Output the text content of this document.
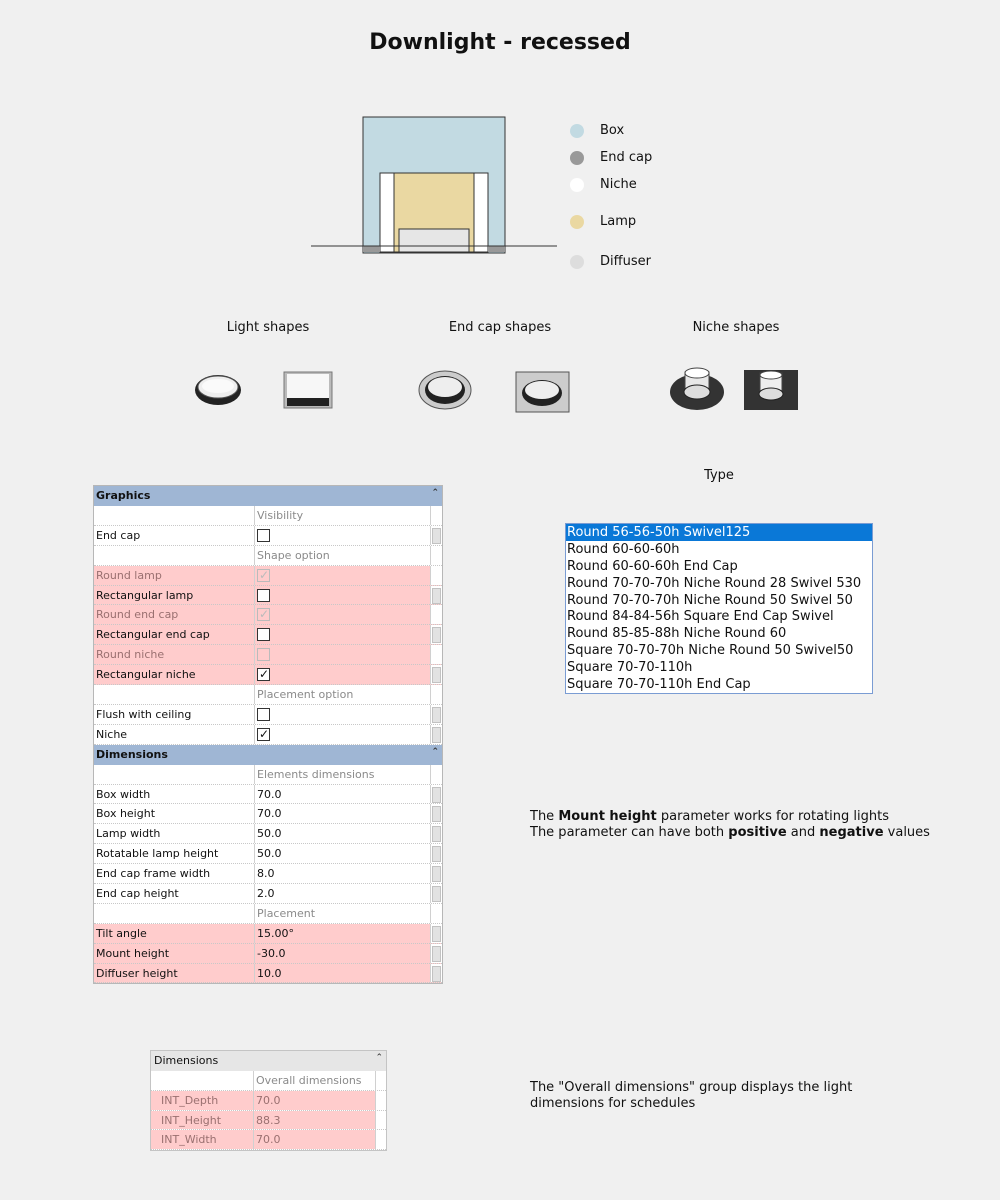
Downlight - recessed
Box
End cap
Niche
Lamp
Diffuser
Light shapes	End cap shapes	Niche shapes
Graphics	⌃
Visibility
End cap
Shape option
Round lamp	✓
Rectangular lamp
Round end cap	✓
Rectangular end cap
Round niche
Rectangular niche	✓
Placement option
Flush with ceiling
Niche	✓
Dimensions	⌃
Elements dimensions
Box width	70.0
Box height	70.0
Lamp width	50.0
Rotatable lamp height	50.0
End cap frame width	8.0
End cap height	2.0
Placement
Tilt angle	15.00°
Mount height	-30.0
Diffuser height	10.0
Type
Round 56-56-50h Swivel125
Round 60-60-60h
Round 60-60-60h End Cap
Round 70-70-70h Niche Round 28 Swivel 530
Round 70-70-70h Niche Round 50 Swivel 50
Round 84-84-56h Square End Cap Swivel
Round 85-85-88h Niche Round 60
Square 70-70-70h Niche Round 50 Swivel50
Square 70-70-110h
Square 70-70-110h End Cap
The Mount height parameter works for rotating lights
The parameter can have both positive and negative values
Dimensions	⌃
Overall dimensions
INT_Depth	70.0
INT_Height	88.3
INT_Width	70.0
The "Overall dimensions" group displays the light
dimensions for schedules
